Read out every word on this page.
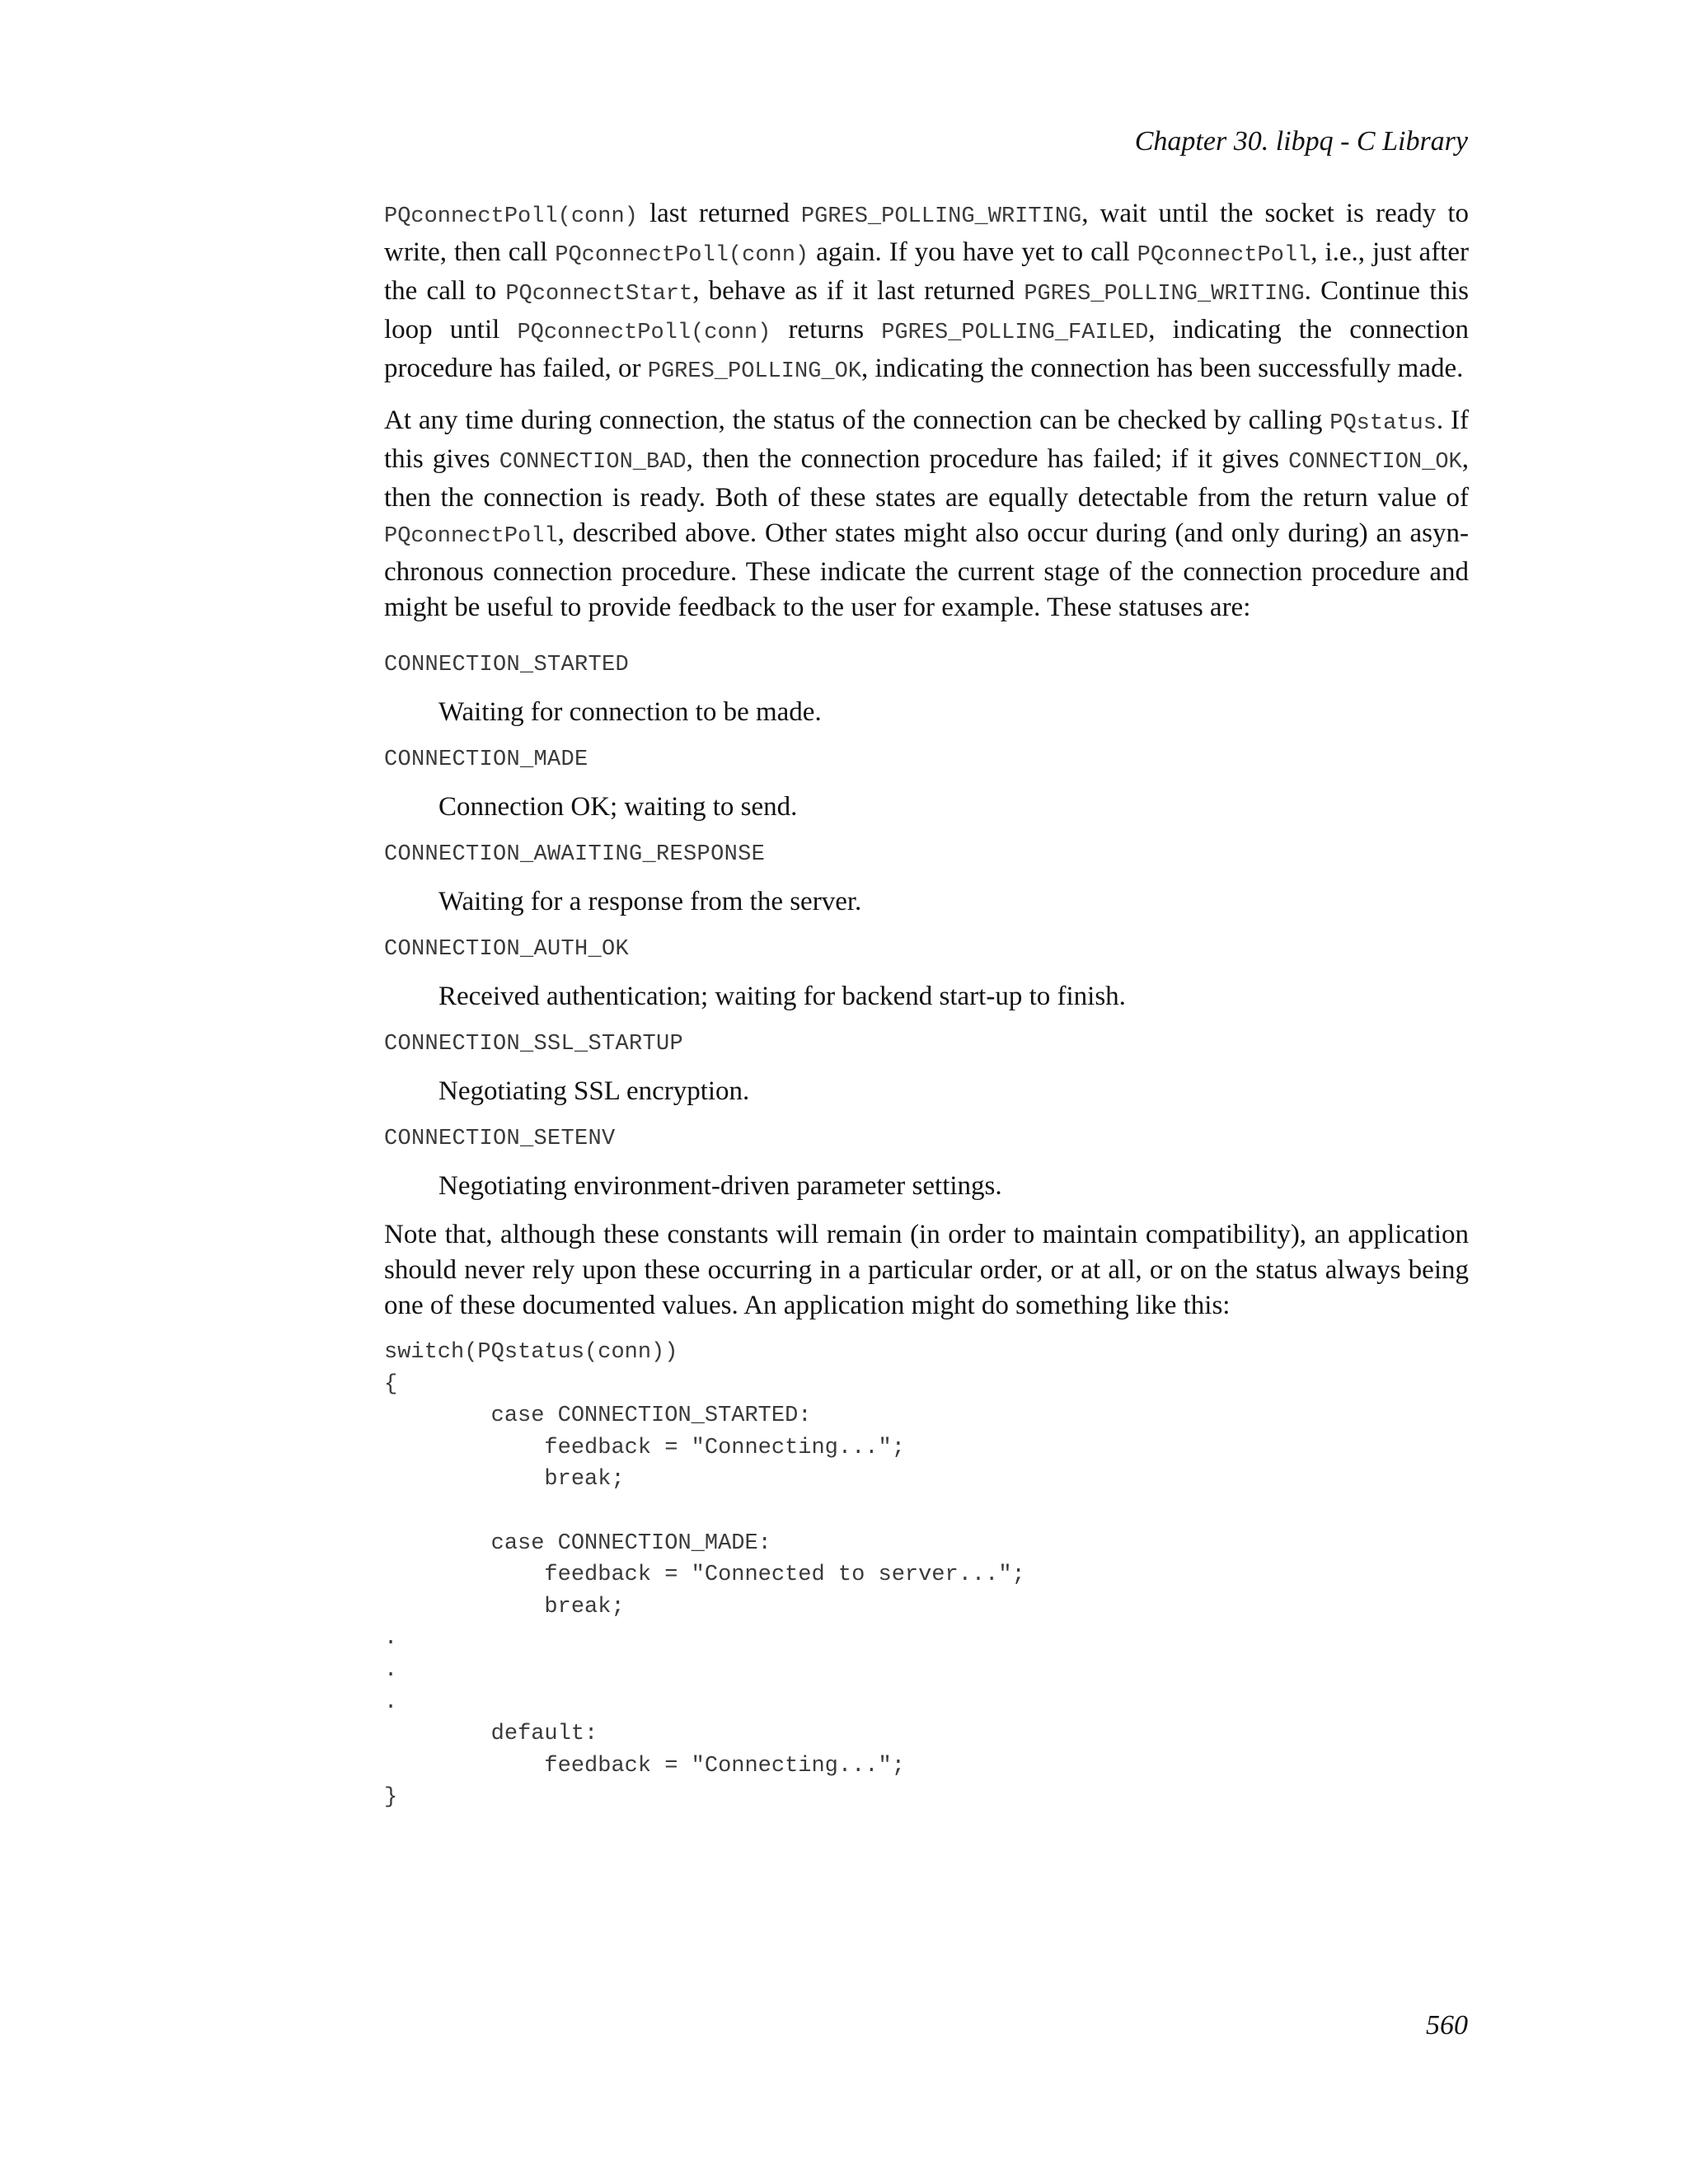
Chapter 30. libpq - C Library

PQconnectPoll(conn) last returned PGRES_POLLING_WRITING, wait until the socket is ready to write, then call PQconnectPoll(conn) again. If you have yet to call PQconnectPoll, i.e., just after the call to PQconnectStart, behave as if it last returned PGRES_POLLING_WRITING. Continue this loop until PQconnectPoll(conn) returns PGRES_POLLING_FAILED, indicating the connection procedure has failed, or PGRES_POLLING_OK, indicating the connection has been successfully made.

At any time during connection, the status of the connection can be checked by calling PQstatus. If this gives CONNECTION_BAD, then the connection procedure has failed; if it gives CONNECTION_OK, then the connection is ready. Both of these states are equally detectable from the return value of PQconnectPoll, described above. Other states might also occur during (and only during) an asynchronous connection procedure. These indicate the current stage of the connection procedure and might be useful to provide feedback to the user for example. These statuses are:

CONNECTION_STARTED
Waiting for connection to be made.
CONNECTION_MADE
Connection OK; waiting to send.
CONNECTION_AWAITING_RESPONSE
Waiting for a response from the server.
CONNECTION_AUTH_OK
Received authentication; waiting for backend start-up to finish.
CONNECTION_SSL_STARTUP
Negotiating SSL encryption.
CONNECTION_SETENV
Negotiating environment-driven parameter settings.

Note that, although these constants will remain (in order to maintain compatibility), an application should never rely upon these occurring in a particular order, or at all, or on the status always being one of these documented values. An application might do something like this:

switch(PQstatus(conn))
{
case CONNECTION_STARTED:
feedback = "Connecting...";
break;

case CONNECTION_MADE:
feedback = "Connected to server...";
break;
.
.
.
default:
feedback = "Connecting...";
}
560
